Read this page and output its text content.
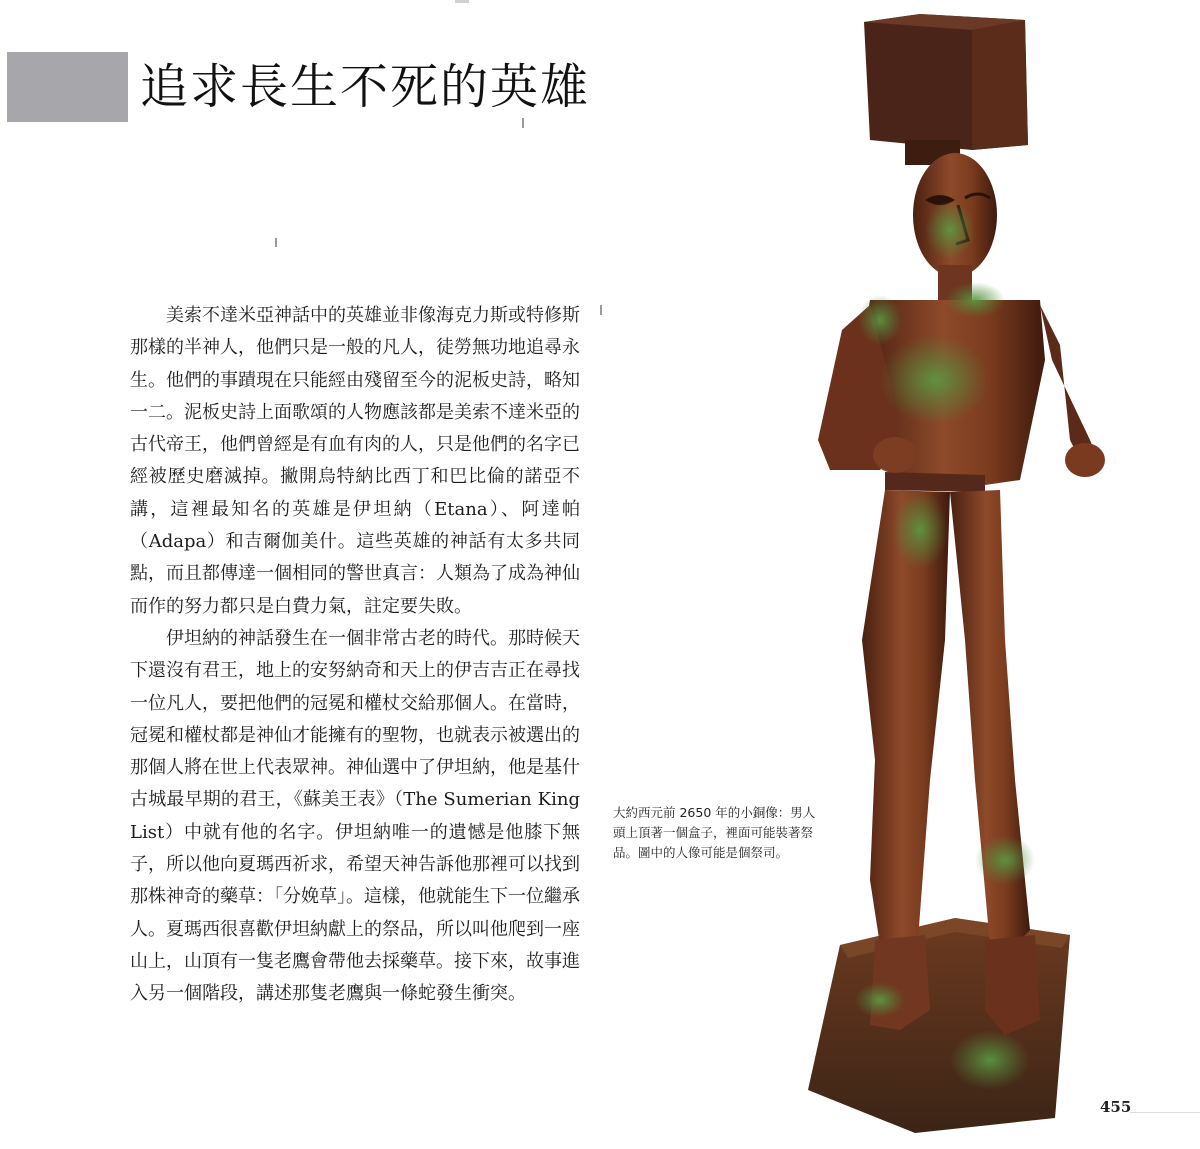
追求長生不死的英雄

美索不達米亞神話中的英雄並非像海克力斯或特修斯那樣的半神人，他們只是一般的凡人，徒勞無功地追尋永生。他們的事蹟現在只能經由殘留至今的泥板史詩，略知一二。泥板史詩上面歌頌的人物應該都是美索不達米亞的古代帝王，他們曾經是有血有肉的人，只是他們的名字已經被歷史磨滅掉。撇開烏特納比西丁和巴比倫的諾亞不講，這裡最知名的英雄是伊坦納（Etana）、阿達帕（Adapa）和吉爾伽美什。這些英雄的神話有太多共同點，而且都傳達一個相同的警世真言：人類為了成為神仙而作的努力都只是白費力氣，註定要失敗。

伊坦納的神話發生在一個非常古老的時代。那時候天下還沒有君王，地上的安努納奇和天上的伊吉吉正在尋找一位凡人，要把他們的冠冕和權杖交給那個人。在當時，冠冕和權杖都是神仙才能擁有的聖物，也就表示被選出的那個人將在世上代表眾神。神仙選中了伊坦納，他是基什古城最早期的君王，《蘇美王表》（The Sumerian King List）中就有他的名字。伊坦納唯一的遺憾是他膝下無子，所以他向夏瑪西祈求，希望天神告訴他那裡可以找到那株神奇的藥草：「分娩草」。這樣，他就能生下一位繼承人。夏瑪西很喜歡伊坦納獻上的祭品，所以叫他爬到一座山上，山頂有一隻老鷹會帶他去採藥草。接下來，故事進入另一個階段，講述那隻老鷹與一條蛇發生衝突。

大約西元前 2650 年的小銅像：男人頭上頂著一個盒子，裡面可能裝著祭品。圖中的人像可能是個祭司。
455
